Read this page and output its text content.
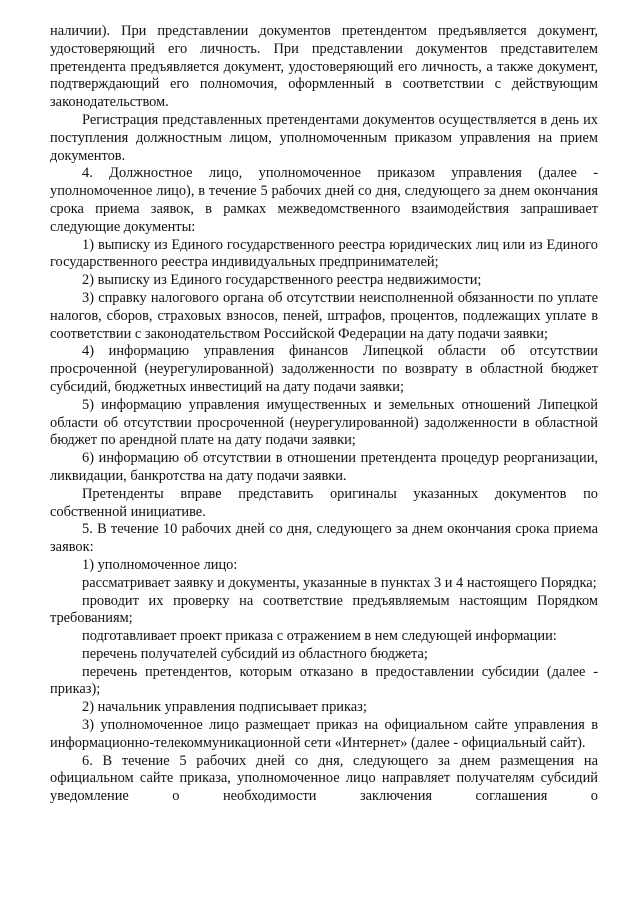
наличии). При представлении документов претендентом предъявляется документ, удостоверяющий его личность. При представлении документов представителем претендента предъявляется документ, удостоверяющий его личность, а также документ, подтверждающий его полномочия, оформленный в соответствии с действующим законодательством.

Регистрация представленных претендентами документов осуществляется в день их поступления должностным лицом, уполномоченным приказом управления на прием документов.

4. Должностное лицо, уполномоченное приказом управления (далее - уполномоченное лицо), в течение 5 рабочих дней со дня, следующего за днем окончания срока приема заявок, в рамках межведомственного взаимодействия запрашивает следующие документы:

1) выписку из Единого государственного реестра юридических лиц или из Единого государственного реестра индивидуальных предпринимателей;

2) выписку из Единого государственного реестра недвижимости;

3) справку налогового органа об отсутствии неисполненной обязанности по уплате налогов, сборов, страховых взносов, пеней, штрафов, процентов, подлежащих уплате в соответствии с законодательством Российской Федерации на дату подачи заявки;

4) информацию управления финансов Липецкой области об отсутствии просроченной (неурегулированной) задолженности по возврату в областной бюджет субсидий, бюджетных инвестиций на дату подачи заявки;

5) информацию управления имущественных и земельных отношений Липецкой области об отсутствии просроченной (неурегулированной) задолженности в областной бюджет по арендной плате на дату подачи заявки;

6) информацию об отсутствии в отношении претендента процедур реорганизации, ликвидации, банкротства на дату подачи заявки.

Претенденты вправе представить оригиналы указанных документов по собственной инициативе.

5. В течение 10 рабочих дней со дня, следующего за днем окончания срока приема заявок:

1) уполномоченное лицо:

рассматривает заявку и документы, указанные в пунктах 3 и 4 настоящего Порядка;

проводит их проверку на соответствие предъявляемым настоящим Порядком требованиям;

подготавливает проект приказа с отражением в нем следующей информации:

перечень получателей субсидий из областного бюджета;

перечень претендентов, которым отказано в предоставлении субсидии (далее - приказ);

2) начальник управления подписывает приказ;

3) уполномоченное лицо размещает приказ на официальном сайте управления в информационно-телекоммуникационной сети «Интернет» (далее - официальный сайт).

6. В течение 5 рабочих дней со дня, следующего за днем размещения на официальном сайте приказа, уполномоченное лицо направляет получателям субсидий уведомление о необходимости заключения соглашения о
